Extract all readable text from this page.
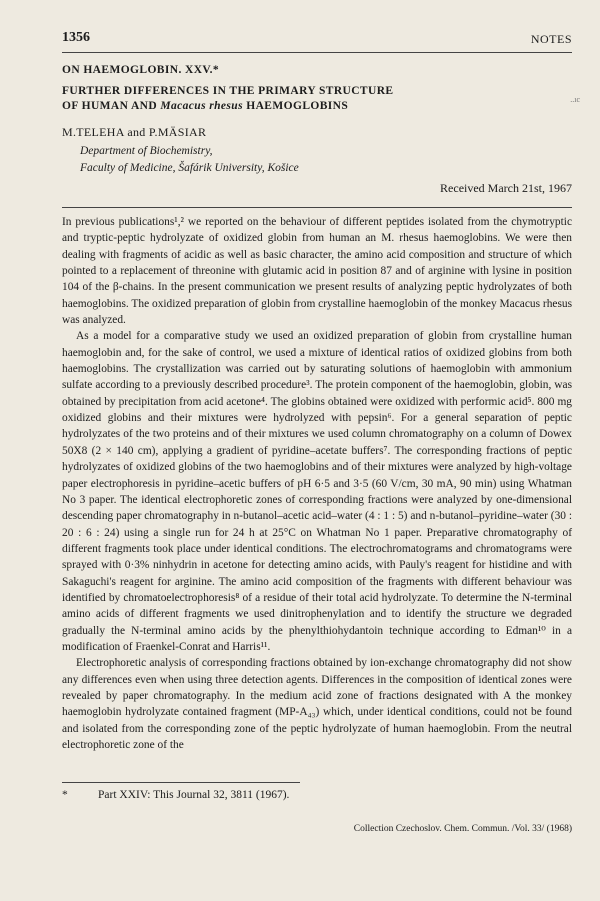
1356	NOTES
ON HAEMOGLOBIN. XXV.*
FURTHER DIFFERENCES IN THE PRIMARY STRUCTURE
OF HUMAN AND Macacus rhesus HAEMOGLOBINS
..ıc
M.TELEHA and P.MÄSIAR
Department of Biochemistry,
Faculty of Medicine, Šafárik University, Košice
Received March 21st, 1967

In previous publications¹,² we reported on the behaviour of different peptides isolated from the chymotryptic and tryptic-peptic hydrolyzate of oxidized globin from human an M. rhesus haemoglobins. We were then dealing with fragments of acidic as well as basic character, the amino acid composition and structure of which pointed to a replacement of threonine with glutamic acid in position 87 and of arginine with lysine in position 104 of the β-chains. In the present communication we present results of analyzing peptic hydrolyzates of both haemoglobins. The oxidized preparation of globin from crystalline haemoglobin of the monkey Macacus rhesus was analyzed.

As a model for a comparative study we used an oxidized preparation of globin from crystalline human haemoglobin and, for the sake of control, we used a mixture of identical ratios of oxidized globins from both haemoglobins. The crystallization was carried out by saturating solutions of haemoglobin with ammonium sulfate according to a previously described procedure³. The protein component of the haemoglobin, globin, was obtained by precipitation from acid acetone⁴. The globins obtained were oxidized with performic acid⁵. 800 mg oxidized globins and their mixtures were hydrolyzed with pepsin⁶. For a general separation of peptic hydrolyzates of the two proteins and of their mixtures we used column chromatography on a column of Dowex 50X8 (2 × 140 cm), applying a gradient of pyridine–acetate buffers⁷. The corresponding fractions of peptic hydrolyzates of oxidized globins of the two haemoglobins and of their mixtures were analyzed by high-voltage paper electrophoresis in pyridine–acetic buffers of pH 6·5 and 3·5 (60 V/cm, 30 mA, 90 min) using Whatman No 3 paper. The identical electrophoretic zones of corresponding fractions were analyzed by one-dimensional descending paper chromatography in n-butanol–acetic acid–water (4 : 1 : 5) and n-butanol–pyridine–water (30 : 20 : 6 : 24) using a single run for 24 h at 25°C on Whatman No 1 paper. Preparative chromatography of different fragments took place under identical conditions. The electrochromatograms and chromatograms were sprayed with 0·3% ninhydrin in acetone for detecting amino acids, with Pauly's reagent for histidine and with Sakaguchi's reagent for arginine. The amino acid composition of the fragments with different behaviour was identified by chromatoelectrophoresis⁸ of a residue of their total acid hydrolyzate. To determine the N-terminal amino acids of different fragments we used dinitrophenylation and to identify the structure we degraded gradually the N-terminal amino acids by the phenylthiohydantoin technique according to Edman¹⁰ in a modification of Fraenkel-Conrat and Harris¹¹.

Electrophoretic analysis of corresponding fractions obtained by ion-exchange chromatography did not show any differences even when using three detection agents. Differences in the composition of identical zones were revealed by paper chromatography. In the medium acid zone of fractions designated with A the monkey haemoglobin hydrolyzate contained fragment (MP-A₄₃) which, under identical conditions, could not be found and isolated from the corresponding zone of the peptic hydrolyzate of human haemoglobin. From the neutral electrophoretic zone of the

*	Part XXIV: This Journal 32, 3811 (1967).
Collection Czechoslov. Chem. Commun. /Vol. 33/ (1968)
